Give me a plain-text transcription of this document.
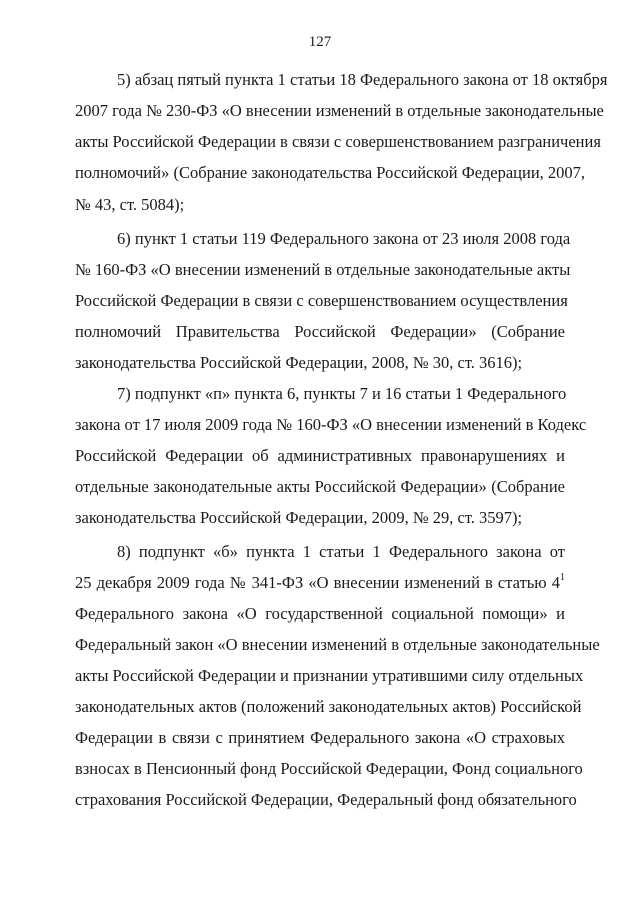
127
5) абзац пятый пункта 1 статьи 18 Федерального закона от 18 октября
2007 года № 230-ФЗ «О внесении изменений в отдельные законодательные
акты Российской Федерации в связи с совершенствованием разграничения
полномочий» (Собрание законодательства Российской Федерации, 2007,
№ 43, ст. 5084);
6) пункт 1 статьи 119 Федерального закона от 23 июля 2008 года
№ 160-ФЗ «О внесении изменений в отдельные законодательные акты
Российской Федерации в связи с совершенствованием осуществления
полномочий Правительства Российской Федерации» (Собрание
законодательства Российской Федерации, 2008, № 30, ст. 3616);
7) подпункт «п» пункта 6, пункты 7 и 16 статьи 1 Федерального
закона от 17 июля 2009 года № 160-ФЗ «О внесении изменений в Кодекс
Российской Федерации об административных правонарушениях и
отдельные законодательные акты Российской Федерации» (Собрание
законодательства Российской Федерации, 2009, № 29, ст. 3597);
8) подпункт «б» пункта 1 статьи 1 Федерального закона от
25 декабря 2009 года № 341-ФЗ «О внесении изменений в статью $4^1$
Федерального закона «О государственной социальной помощи» и
Федеральный закон «О внесении изменений в отдельные законодательные
акты Российской Федерации и признании утратившими силу отдельных
законодательных актов (положений законодательных актов) Российской
Федерации в связи с принятием Федерального закона «О страховых
взносах в Пенсионный фонд Российской Федерации, Фонд социального
страхования Российской Федерации, Федеральный фонд обязательного
